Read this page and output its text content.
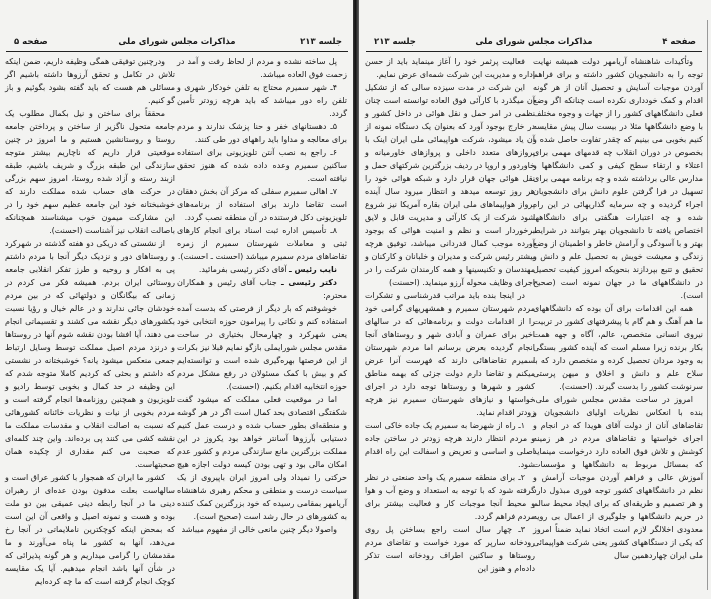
جلسه ۲۱۳
مذاکرات مجلس شورای ملی
صفحه ۵

پل ساخته نشده و مردم از لحاظ رفت و آمد در زحمت فوق العاده میباشد.

۴ـ شهر سمیرم محتاج به تلفن خودکار شهری و تلفن راه دور میباشد که باید هرچه زودتر تأمین گردد.

۵ـ دهستانهای خفر و حنا پزشک ندارند و مردم برای معالجه و مداوا باید راههای دور طی کنند.

۶ـ راجع به نصب آنتن تلویزیونی برای استفاده ساکنین سمیرم وعده داده شده که هنوز تحقق نیافته است.

۷ـ اهالی سمیرم سفلی که مرکز آن بخش دهقان است تقاضا دارند برای استفاده از برنامه‌های تلویزیونی دکل فرستنده در آن منطقه نصب گردد.

۸ـ تأسیس اداره ثبت اسناد برای انجام کارهای ثبتی و معاملات شهرستان سمیرم از زمره تقاضاهای مردم سمیرم میباشد (احسنت ـ احسنت).

نایب رئیس ـ آقای دکتر رئیسی بفرمائید.

دکتر رئیسی ـ جناب آقای رئیس و همکاران محترم:

خوشوقتم که بار دیگر از فرصتی که بدست آمده استفاده کنم و نکاتی را پیرامون حوزه انتخابی خود یعنی شهرکرد و چهارمحال بختیاری در ساحت مقدس مجلس شورایملی بازگو نمایم قبلا نیز بکرات از این فرصتها بهره‌گیری شده است و توانسته‌ایم کم و بیش با کمک مسئولان در رفع مشکل مردم حوزه انتخابیه اقدام بکنیم. (احسنت).

اما در موقعیت فعلی مملکت که میشود گفت شکفتگی اقتصادی بحد کمال است اگر در هر گوشه و منطقه‌ای بطور حساب شده و درست عمل کنیم دستیابی بآرزوها آسانتر خواهد بود یکروز در این مملکت بزرگترین مانع سازندگی مردم و کشور عدم امکان مالی بود و تهی بودن کیسه دولت اجازه هیچ حرکتی را نمیداد ولی امروز ایران باپیروی از یک سیاست درست و منطقی و محکم رهبری شاهنشاه آریامهر بمقامی رسیده که خود بزرگترین کمک کننده به کشورهای در حال رشد است (صحیح است).

واصولا دیگر چنین مانعی خالی از مفهوم میباشد

ودرچنین توفیقی همگی وظیفه داریم، ضمن اینکه تلاش در تکامل و تحقق آرزوها داشته باشیم اگر مسائلی هم هست که باید گفته بشود بگوئیم و باز گو کنیم.

محققاً برای ساختن و نیل بکمال مطلوب یک جامعه متحول ناگزیر از ساختن و پرداختن جامعه روستا و روستانشین هستیم و ما امروز در چنین موقعیتی قرار داریم که ناچاریم بیشتر متوجه سازندگی این طبقه بزرگ و شریف باشیم، طبقه ازبند رسته و آزاد شده روستا، امروز سهم بزرگی در حرکت های حساب شده مملکت دارند که خوشبختانه خود این جامعه عظیم سهم خود را در این مشارکت میمون خوب میشناسند همچنانکه باصالت انقلاب نیز آشناست (احسنت).

از نشستی که دریکی دو هفته گذشته در شهرکرد و روستاهای دور و نزدیک دیگر آنجا با مردم داشتم پی به افکار و روحیه و طرز تفکر انقلابی جامعه روستائی ایران بردم. همیشه فکر می کردم در زمانی که بیگانگان و دولتهائی که در بین مردم خودشان جائی ندارند و در عالم خیال و رؤیا نسبت بکشورهای دیگر نقشه می کشند و تقسیماتی انجام می دهند، آیا افشا بودن نقشه شوم آنها در روستاها و درنزد مردم اصیل مملکت توسط وسایل ارتباط جمعی منعکس میشود یانه؟ خوشبختانه در نشستی که داشتم و بحثی که کردیم کاملا متوجه شدم که این وظیفه در حد کمال و بخوبی توسط رادیو و تلویزیون و همچنین روزنامه‌ها انجام گرفته است و مردم بخوبی از نیات و نظریات خائنانه کشورهائی که نسبت به اصالت انقلاب و مقدسات مملکت ما نقشه کشی می کنند پی برده‌اند. واین چند کلمه‌ای که صحبت می کنم مقداری از چکیده همان صحبتهاست.

کشور ما ایران که همجوار با کشور عراق است و سالهاست بعلت مدفون بودن عده‌ای از رهبران دینی ما در آنجا رابطه دینی عمیقی بین دو ملت بوده و هست و نمونه اصیل و واقعی آن این است که بمحض اینکه کوچکترین ناملایماتی در آنجا رخ می‌دهد، آنها به کشور ما پناه می‌آورند و ما مقدمشان را گرامی میداریم و هر گونه پذیرائی که در شأن آنها باشد انجام میدهیم. آیا یک مقایسه کوچک انجام گرفته است که ما چه کرده‌ایم

صفحه ۴
مذاکرات مجلس شورای ملی
جلسه ۲۱۳

وتأکیدات شاهنشاه آریامهر دولت همیشه نهایت توجه را به دانشجویان کشور داشته و برای فراهم آوردن موجبات آسایش و تحصیل آنان از هر گونه اقدام و کمک خودداری نکرده است چنانکه اگر وضع فعلی دانشگاههای کشور را از جهات و وجوه مختلف با وضع دانشگاهها مثلا در بیست سال پیش مقایسه کنیم بخوبی می بینیم که چقدر تفاوت حاصل شده و بخصوص در دوران انقلاب چه قدمهای مهمی برای اعتلاء و ارتقاء سطح کیفی و کمی دانشگاهها و مدارس عالی برداشته شده و چه برنامه مهمی برای تسهیل در فرا گرفتن علوم دانش برای دانشجویان اجراء گردیده و چه سرمایه گذاریهائی در این راه شده و چه اعتبارات هنگفتی برای دانشگاهها اختصاص یافته تا دانشجویان بهتر بتوانند در شرایط بهتر و با آسودگی و آرامش خاطر و اطمینان از وضع زندگی و معیشت خویش به تحصیل علم و دانش و تحقیق و تتبع بپردازند بنحویکه امروز کیفیت تحصیل در دانشگاههای ما در جهان نمونه است (صحیح است).

همه این اقدامات برای آن بوده که دانشگاههای ما هم آهنگ و هم گام با پیشرفتهای کشور در تربیت نیروی انسانی متخصص، عالم، آگاه و جهه همت بکار برنده زیرا مسلم است که آینده کشور بستگی به وجود مردان تحصیل کرده و متخصص دارد که با سلاح علم و دانش و اخلاق و میهن پرستی سرنوشت کشور را بدست گیرند. (احسنت).

امروز در ساحت مقدس مجلس شورای ملی، بنده با انعکاس نظریات اولیای دانشجویان و تقاضاهای آنان از دولت آقای هویدا که در انجام و اجرای خواستها و تقاضاهای مردم در هر زمینه کوشش و تلاش فوق العاده دارد درخواست مینماید که بمسائل مربوط به دانشگاهها و مؤسسات آموزش عالی و فراهم آوردن موجبات آرامش و نظم در دانشگاههای کشور توجه فوری مبذول دارد و هر تصمیم و طریقه‌ای که برای ایجاد محیط سالم در حریم دانشگاهها و جلوگیری از اعمال بی رویه معدودی اخلالگر لازم است اتخاذ نماید ضمناً امروز که یکی از دستگاههای کشور یعنی شرکت هواپیمائی ملی ایران چهاردهمین سال

فعالیت پرثمر خود را آغاز مینماید باید از حسن اداره و مدیریت این شرکت شمه‌ای عرض نمایم.

این شرکت در مدت سیزده سالی که از تشکیل آن میگذرد با کارآئی فوق العاده توانسته است چنان نظمی در امر حمل و نقل هوائی در داخل کشور و در خارج بوجود آورد که بعنوان یک دستگاه نمونه از آن یاد میشود، شرکت هواپیمائی ملی ایران اینک با پروازهای متعدد داخلی و پروازهای خاورمیانه و خاوردور و اروپا در ردیف بزرگترین شرکتهای حمل و نقل هوائی جهان قرار دارد و شبکه هوائی خود را هر روز توسعه میدهد و انتظار میرود سال آینده پرواز هواپیماهای ملی ایران بقاره آمریکا نیز شروع شود شرکت از یک کارآئی و مدیریت قابل و لایق برخوردار است و نظم و امنیت هوائی که بوجود آورده موجب کمال قدردانی میباشد، توفیق هرچه بیشتر رئیس شرکت و مدیران و خلبانان و کارکنان و مهندسان و تکنیسینها و همه کارمندان شرکت را در اجرای وظایف محوله آرزو مینماید. (احسنت)

در اینجا بنده باید مراتب قدرشناسی و تشکرات مردم شهرستان سمیرم و همشهریهای گرامی خود را از اقدامات دولت و برنامه‌هائی که در سالهای اخیر برای عمران و آبادی شهر و روستاهای آنجا انجام گردیده بعرض برسانم اما مردم شهرستان سمیرم تقاضاهائی دارند که فهرست آنرا عرض میکنم و تقاضا دارم دولت جزئی که بهمه مناطق کشور و شهرها و روستاها توجه دارد در اجرای خواستها و نیازهای شهرستان سمیرم نیز هرچه زودتر اقدام نماید.

۱ـ راه از شهرضا به سمیرم یک جاده خاکی است و مردم انتظار دارند هرچه زودتر در ساختن جاده اصلی و اساسی و تعریض و اسفالت این راه اقدام شود.

۲ـ برای منطقه سمیرم یک واحد صنعتی در نظر گرفته شود که با توجه به استعداد و وضع آب و هوا و محیط آنجا موجبات کار و فعالیت بیشتر برای مردم فراهم گردد.

۳ـ چهار سال است راجع بساختن پل روی رودخانه سارپر که مورد خواست و تقاضای مردم روستاها و ساکنین اطراف رودخانه است تذکر داده‌ام و هنوز این
